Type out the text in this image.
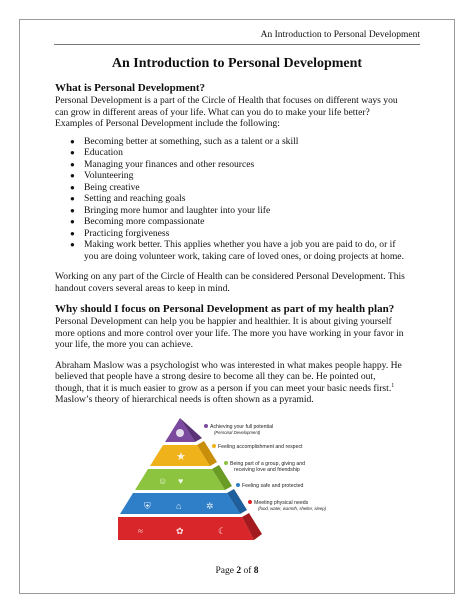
An Introduction to Personal Development
An Introduction to Personal Development
What is Personal Development?

Personal Development is a part of the Circle of Health that focuses on different ways you
can grow in different areas of your life. What can you do to make your life better?
Examples of Personal Development include the following:

● Becoming better at something, such as a talent or a skill
● Education
● Managing your finances and other resources
● Volunteering
● Being creative
● Setting and reaching goals
● Bringing more humor and laughter into your life
● Becoming more compassionate
● Practicing forgiveness
● Making work better. This applies whether you have a job you are paid to do, or if
you are doing volunteer work, taking care of loved ones, or doing projects at home.

Working on any part of the Circle of Health can be considered Personal Development. This
handout covers several areas to keep in mind.

Why should I focus on Personal Development as part of my health plan?

Personal Development can help you be happier and healthier. It is about giving yourself
more options and more control over your life. The more you have working in your favor in
your life, the more you can achieve.

Abraham Maslow was a psychologist who was interested in what makes people happy. He
believed that people have a strong desire to become all they can be. He pointed out,
though, that it is much easier to grow as a person if you can meet your basic needs first.$^1$
Maslow’s theory of hierarchical needs is often shown as a pyramid.

★
☺ ♥
⛨	⌂	✲
≈	✿	☾
Achieving your full potential
(Personal Development)
Feeling accomplishment and respect
Being part of a group, giving and
receiving love and friendship
Feeling safe and protected
Meeting physical needs
(food, water, warmth, shelter, sleep)
Page 2 of 8
